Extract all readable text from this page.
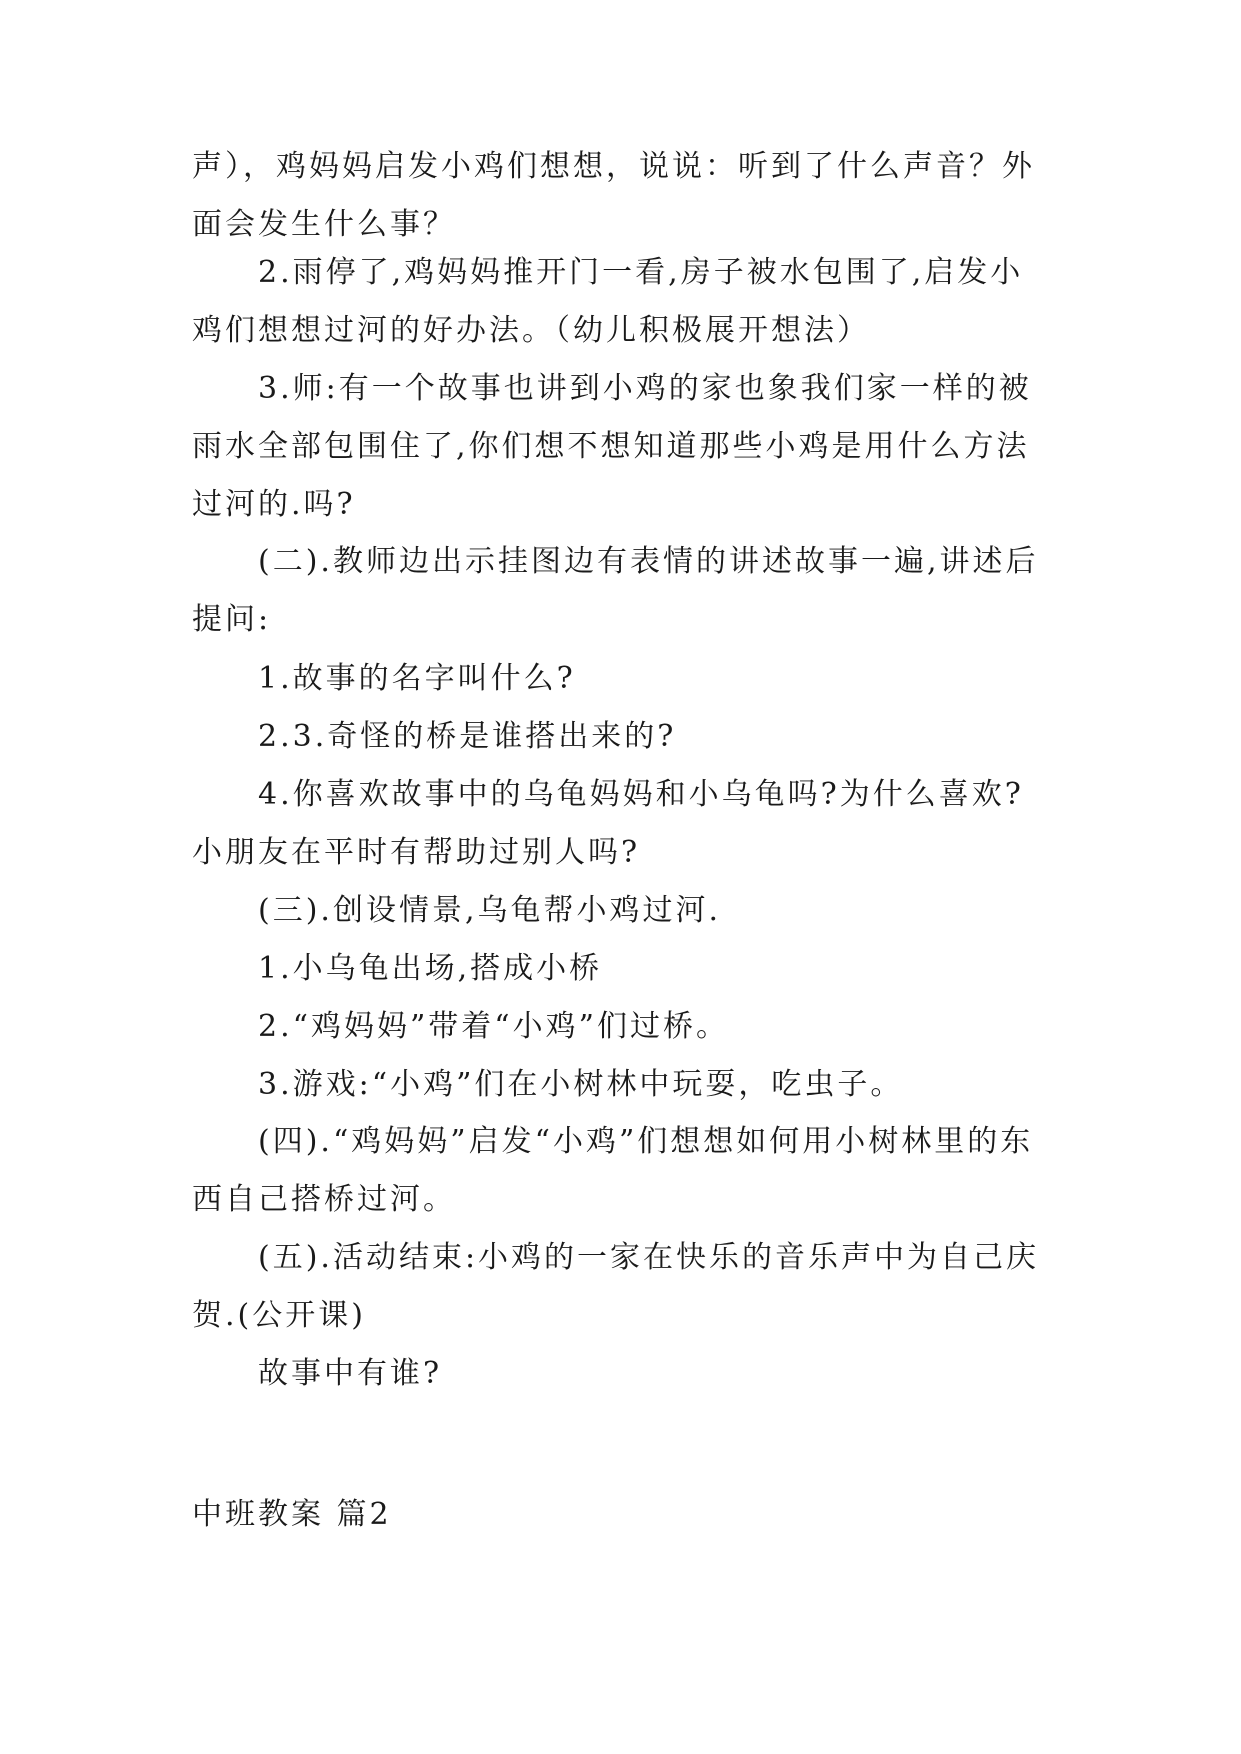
声），鸡妈妈启发小鸡们想想，说说：听到了什么声音？外面会发生什么事？

2.雨停了,鸡妈妈推开门一看,房子被水包围了,启发小鸡们想想过河的好办法。（幼儿积极展开想法）

3.师:有一个故事也讲到小鸡的家也象我们家一样的被雨水全部包围住了,你们想不想知道那些小鸡是用什么方法过河的.吗?

(二).教师边出示挂图边有表情的讲述故事一遍,讲述后提问:

1.故事的名字叫什么?

2.3.奇怪的桥是谁搭出来的?

4.你喜欢故事中的乌龟妈妈和小乌龟吗?为什么喜欢?小朋友在平时有帮助过别人吗?

(三).创设情景,乌龟帮小鸡过河.

1.小乌龟出场,搭成小桥

2.“鸡妈妈”带着“小鸡”们过桥。

3.游戏:“小鸡”们在小树林中玩耍，吃虫子。

(四).“鸡妈妈”启发“小鸡”们想想如何用小树林里的东西自己搭桥过河。

(五).活动结束:小鸡的一家在快乐的音乐声中为自己庆贺.(公开课)

故事中有谁?

中班教案 篇2
